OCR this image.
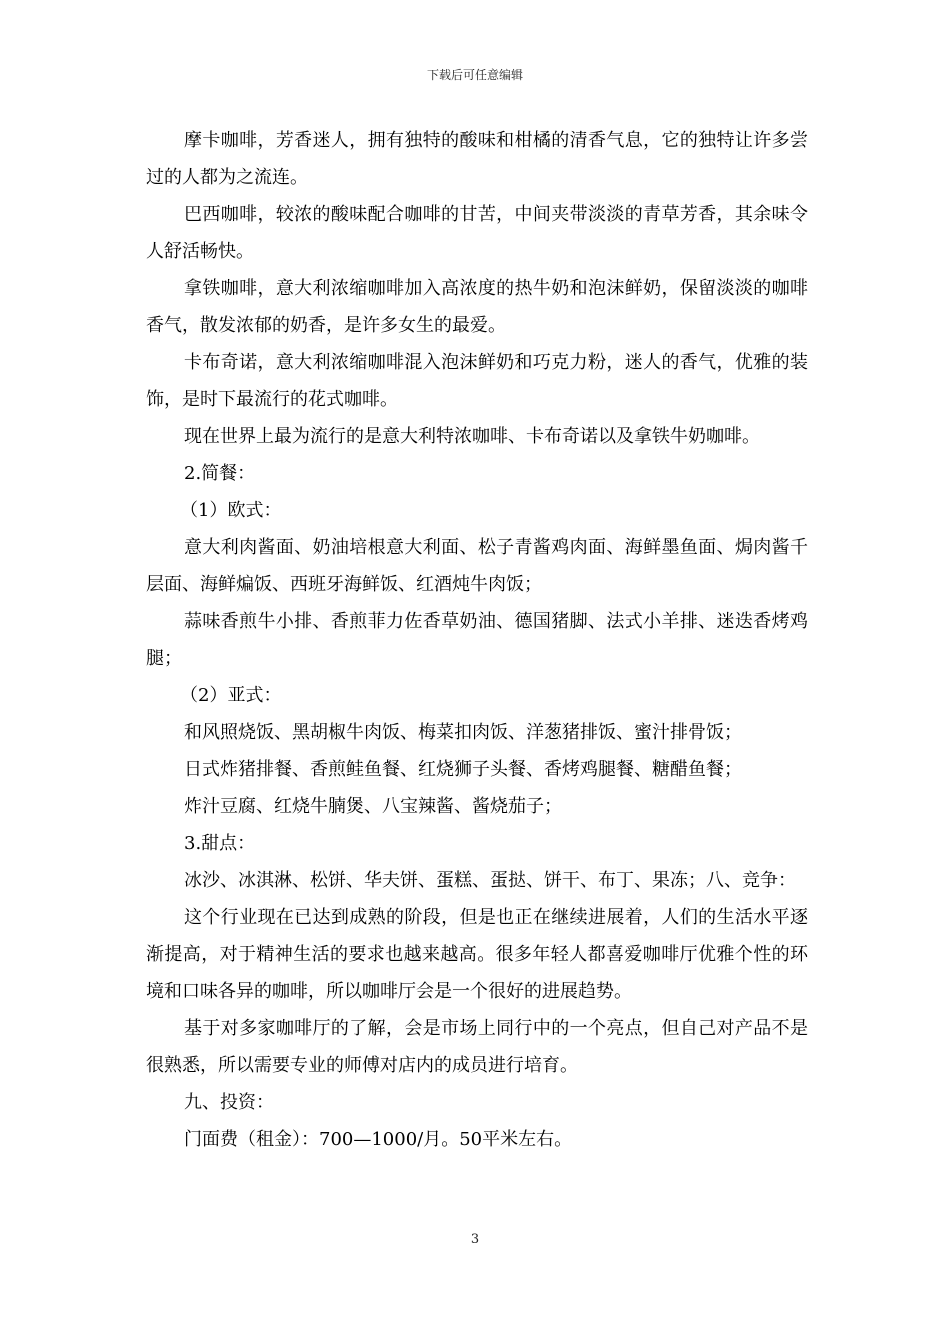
下载后可任意编辑

摩卡咖啡，芳香迷人，拥有独特的酸味和柑橘的清香气息，它的独特让许多尝过的人都为之流连。

巴西咖啡，较浓的酸味配合咖啡的甘苦，中间夹带淡淡的青草芳香，其余味令人舒活畅快。

拿铁咖啡，意大利浓缩咖啡加入高浓度的热牛奶和泡沫鲜奶，保留淡淡的咖啡香气，散发浓郁的奶香，是许多女生的最爱。

卡布奇诺，意大利浓缩咖啡混入泡沫鲜奶和巧克力粉，迷人的香气，优雅的装饰，是时下最流行的花式咖啡。

现在世界上最为流行的是意大利特浓咖啡、卡布奇诺以及拿铁牛奶咖啡。

2.简餐：

（1）欧式：

意大利肉酱面、奶油培根意大利面、松子青酱鸡肉面、海鲜墨鱼面、焗肉酱千层面、海鲜煸饭、西班牙海鲜饭、红酒炖牛肉饭；

蒜味香煎牛小排、香煎菲力佐香草奶油、德国猪脚、法式小羊排、迷迭香烤鸡腿；

（2）亚式：

和风照烧饭、黑胡椒牛肉饭、梅菜扣肉饭、洋葱猪排饭、蜜汁排骨饭；

日式炸猪排餐、香煎鲑鱼餐、红烧狮子头餐、香烤鸡腿餐、糖醋鱼餐；

炸汁豆腐、红烧牛腩煲、八宝辣酱、酱烧茄子；

3.甜点：

冰沙、冰淇淋、松饼、华夫饼、蛋糕、蛋挞、饼干、布丁、果冻；八、竞争：

这个行业现在已达到成熟的阶段，但是也正在继续进展着，人们的生活水平逐渐提高，对于精神生活的要求也越来越高。很多年轻人都喜爱咖啡厅优雅个性的环境和口味各异的咖啡，所以咖啡厅会是一个很好的进展趋势。

基于对多家咖啡厅的了解，会是市场上同行中的一个亮点，但自己对产品不是很熟悉，所以需要专业的师傅对店内的成员进行培育。

九、投资：

门面费（租金）：700—1000/月。50平米左右。

3
